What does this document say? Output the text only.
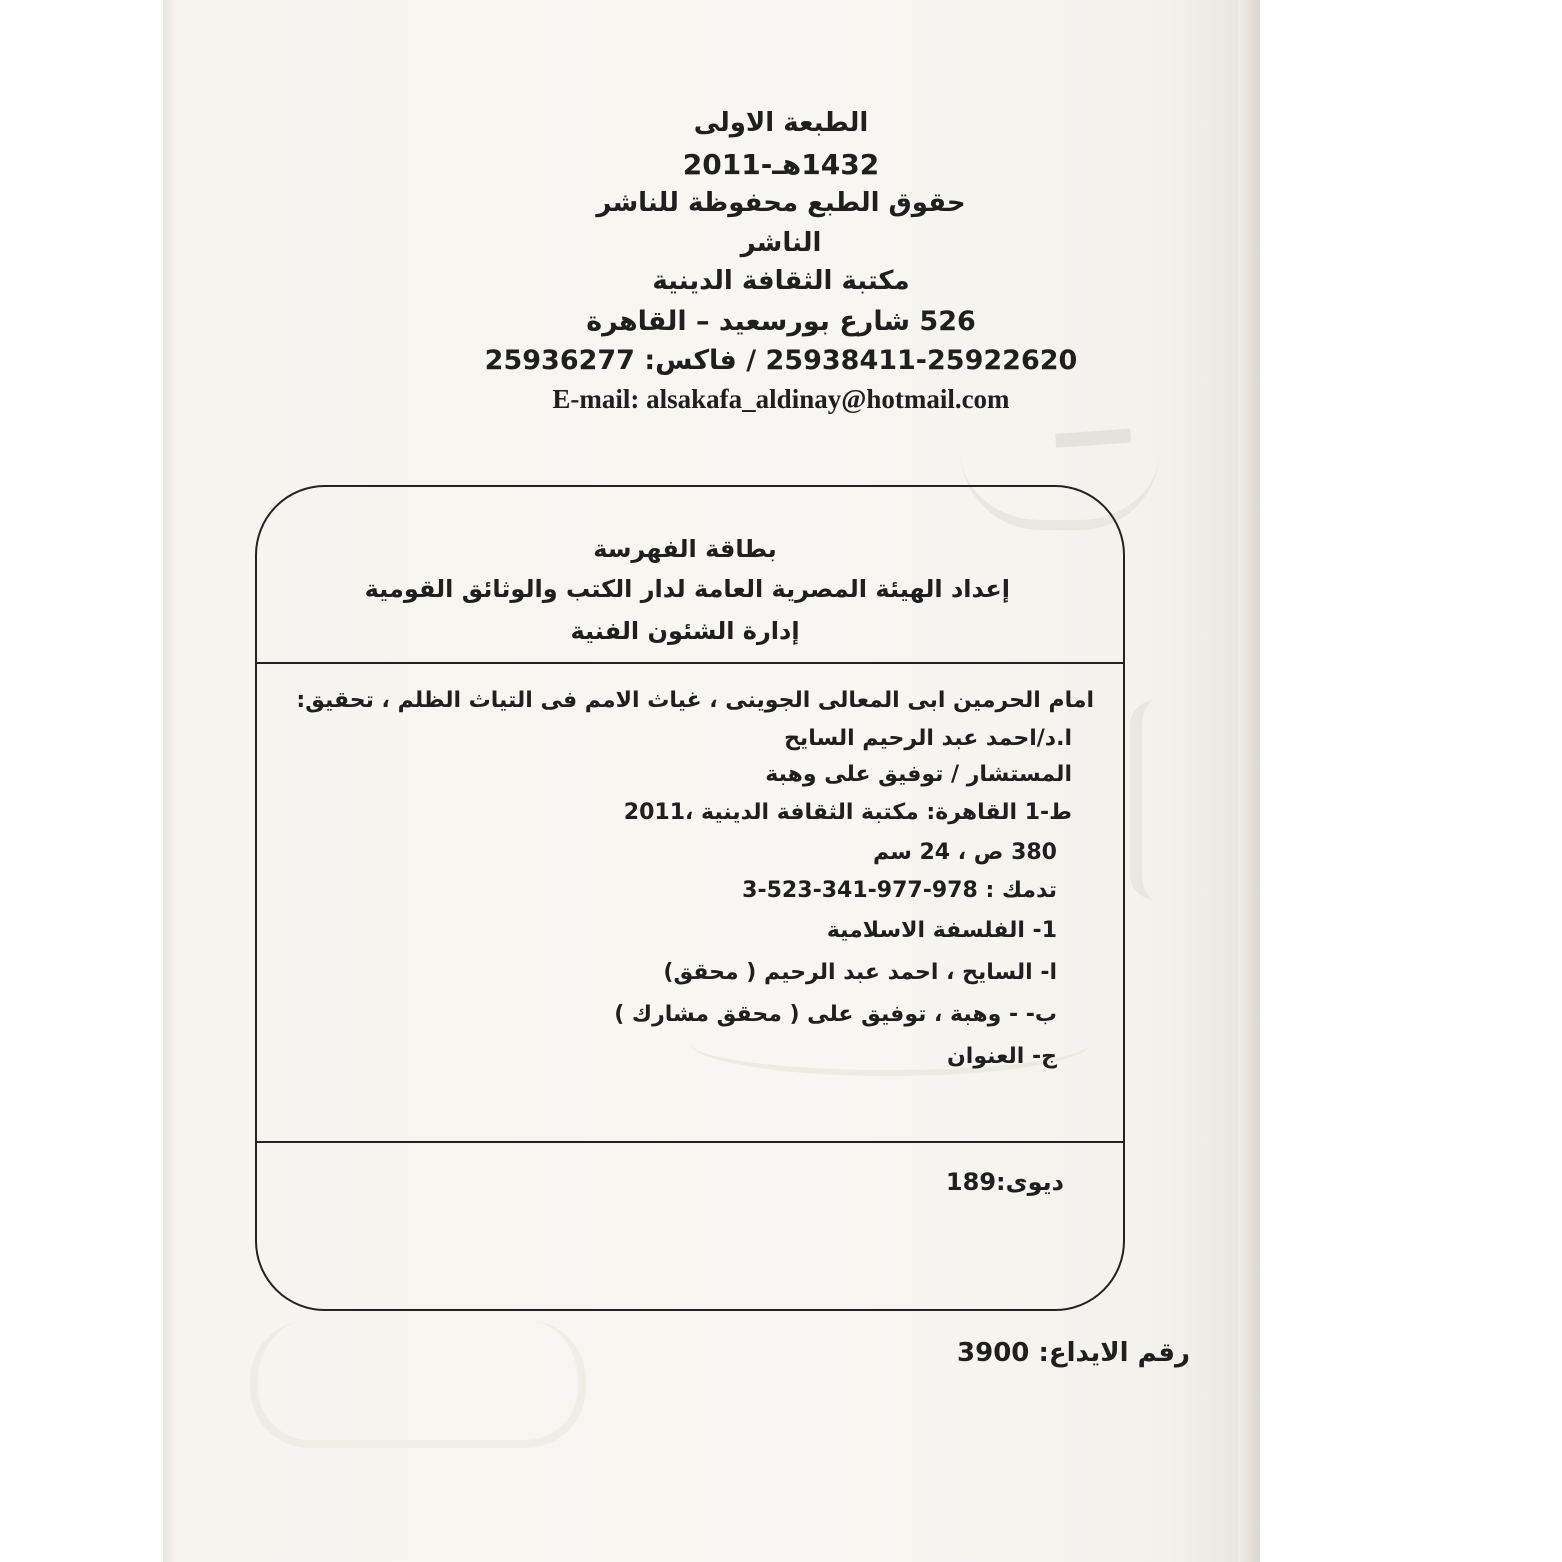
_
الطبعة الاولى
1432هـ-2011
حقوق الطبع محفوظة للناشر
الناشر
مكتبة الثقافة الدينية
526 شارع بورسعيد – القاهرة
25938411-25922620 / فاكس: 25936277
E-mail: alsakafa_aldinay@hotmail.com
بطاقة الفهرسة
إعداد الهيئة المصرية العامة لدار الكتب والوثائق القومية
إدارة الشئون الفنية
امام الحرمين ابى المعالى الجوينى ، غياث الامم فى التياث الظلم ، تحقيق:
ا.د/احمد عبد الرحيم السايح
المستشار / توفيق على وهبة
ط-1 القاهرة: مكتبة الثقافة الدينية ،2011
380 ص ، 24 سم
تدمك : 978-977-341-523-3
1- الفلسفة الاسلامية
ا- السايح ، احمد عبد الرحيم ( محقق)
ب- - وهبة ، توفيق على ( محقق مشارك )
ج- العنوان
ديوى:189
رقم الايداع: 3900
